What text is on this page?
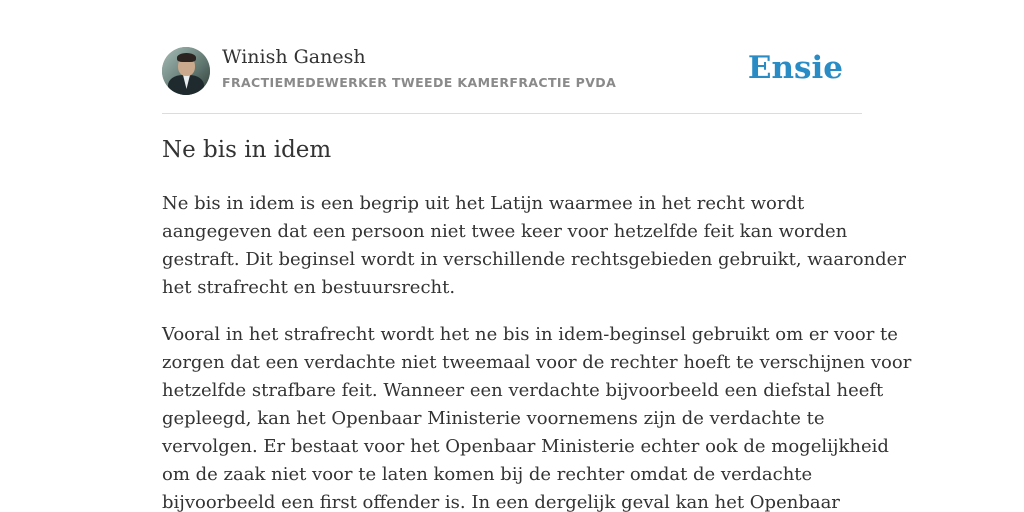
Winish Ganesh
FRACTIEMEDEWERKER TWEEDE KAMERFRACTIE PVDA	Ensie
Ne bis in idem

Ne bis in idem is een begrip uit het Latijn waarmee in het recht wordt
aangegeven dat een persoon niet twee keer voor hetzelfde feit kan worden
gestraft. Dit beginsel wordt in verschillende rechtsgebieden gebruikt, waaronder
het strafrecht en bestuursrecht.

Vooral in het strafrecht wordt het ne bis in idem-beginsel gebruikt om er voor te
zorgen dat een verdachte niet tweemaal voor de rechter hoeft te verschijnen voor
hetzelfde strafbare feit. Wanneer een verdachte bijvoorbeeld een diefstal heeft
gepleegd, kan het Openbaar Ministerie voornemens zijn de verdachte te
vervolgen. Er bestaat voor het Openbaar Ministerie echter ook de mogelijkheid
om de zaak niet voor te laten komen bij de rechter omdat de verdachte
bijvoorbeeld een first offender is. In een dergelijk geval kan het Openbaar
